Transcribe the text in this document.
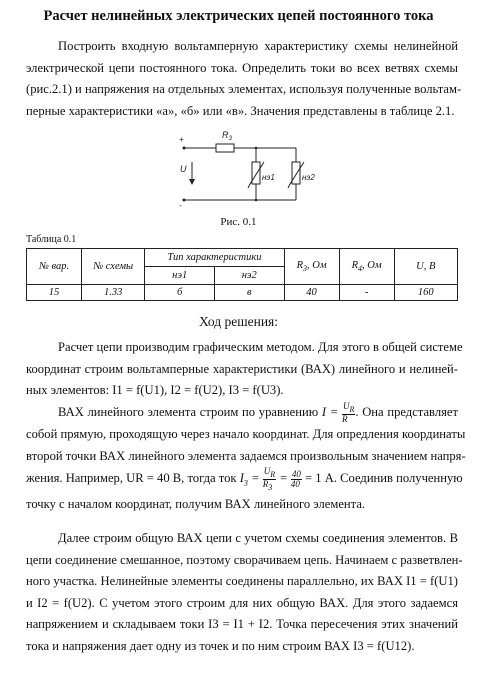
Расчет нелинейных электрических цепей постоянного тока
Построить входную вольтамперную характеристику схемы нелинейной
электрической цепи постоянного тока. Определить токи во всех ветвях схемы
(рис.2.1) и напряжения на отдельных элементах, используя полученные вольтам-
перные характеристики «а», «б» или «в». Значения представлены в таблице 2.1.
$R_3$
+
-
U
нэ1	нэ2
Рис. 0.1
Таблица 0.1
№ вар.	№ схемы	Тип характеристики		$R_3$, Ом	$R_4$, Ом	U, В
		нэ1	нэ2			
15	1.33	б	в	40	-	160
Ход решения:
Расчет цепи производим графическим методом. Для этого в общей системе
координат строим вольтамперные характеристики (ВАХ) линейного и нелиней-
ных элементов: I1 = f(U1), I2 = f(U2), I3 = f(U3).
ВАХ линейного элемента строим по уравнению $I = \frac{U_R}{R}$ . Она представляет
собой прямую, проходящую через начало координат. Для опредления координаты
второй точки ВАХ линейного элемента задаемся произвольным значением напря-
жения. Например, UR = 40 В, тогда ток $I_3 = \frac{U_R}{R_3} = \frac{40}{40} = 1$ А. Соединив полученную
точку с началом координат, получим ВАХ линейного элемента.
Далее строим общую ВАХ цепи с учетом схемы соединения элементов. В
цепи соединение смешанное, поэтому сворачиваем цепь. Начинаем с разветвлен-
ного участка. Нелинейные элементы соединены параллельно, их ВАХ I1 = f(U1)
и I2 = f(U2). С учетом этого строим для них общую ВАХ. Для этого задаемся
напряжением и складываем токи I3 = I1 + I2. Точка пересечения этих значений
тока и напряжения дает одну из точек и по ним строим ВАХ I3 = f(U12).
